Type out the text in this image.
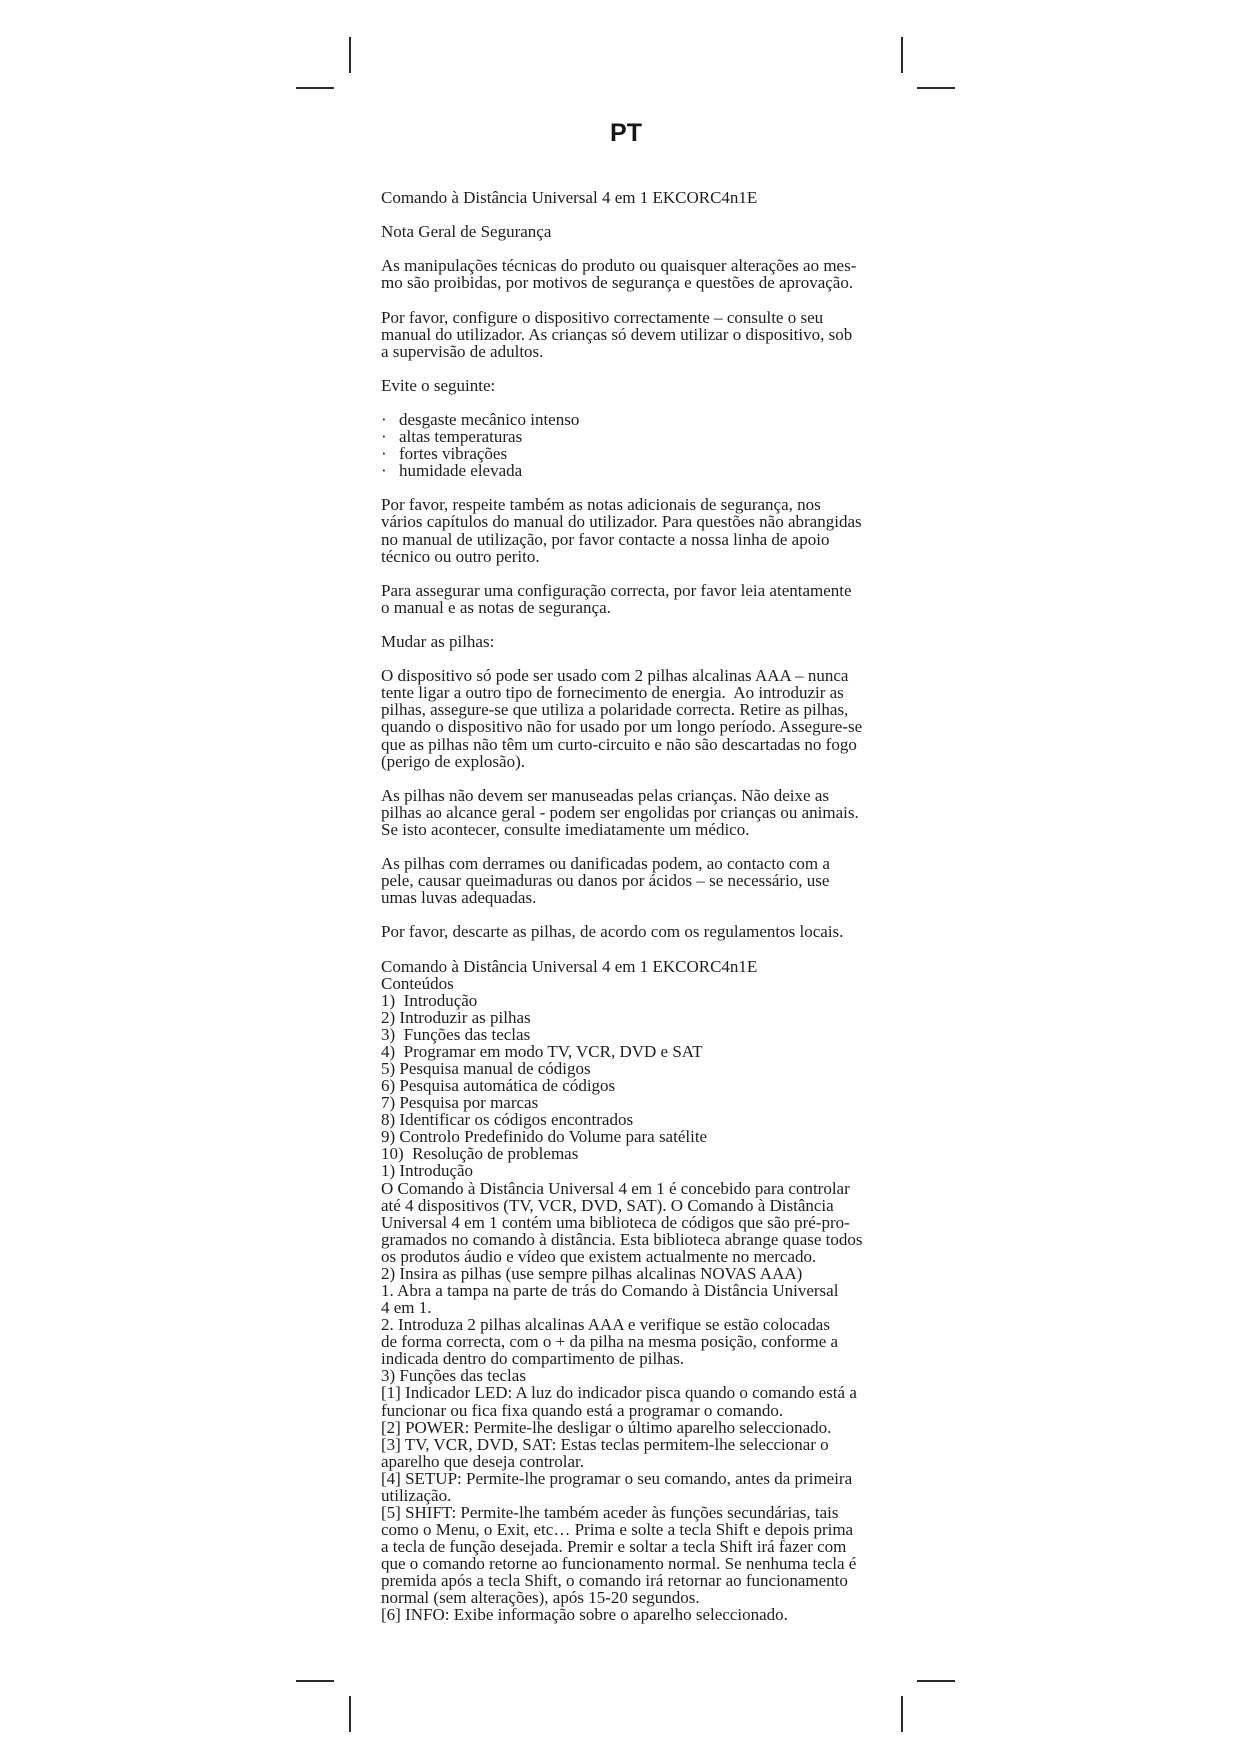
PT
Comando à Distância Universal 4 em 1 EKCORC4n1E
Nota Geral de Segurança
As manipulações técnicas do produto ou quaisquer alterações ao mes-
mo são proibidas, por motivos de segurança e questões de aprovação.
Por favor, configure o dispositivo correctamente – consulte o seu
manual do utilizador. As crianças só devem utilizar o dispositivo, sob
a supervisão de adultos.
Evite o seguinte:
· desgaste mecânico intenso
· altas temperaturas
· fortes vibrações
· humidade elevada
Por favor, respeite também as notas adicionais de segurança, nos
vários capítulos do manual do utilizador. Para questões não abrangidas
no manual de utilização, por favor contacte a nossa linha de apoio
técnico ou outro perito.
Para assegurar uma configuração correcta, por favor leia atentamente
o manual e as notas de segurança.
Mudar as pilhas:
O dispositivo só pode ser usado com 2 pilhas alcalinas AAA – nunca
tente ligar a outro tipo de fornecimento de energia.  Ao introduzir as
pilhas, assegure-se que utiliza a polaridade correcta. Retire as pilhas,
quando o dispositivo não for usado por um longo período. Assegure-se
que as pilhas não têm um curto-circuito e não são descartadas no fogo
(perigo de explosão).
As pilhas não devem ser manuseadas pelas crianças. Não deixe as
pilhas ao alcance geral - podem ser engolidas por crianças ou animais.
Se isto acontecer, consulte imediatamente um médico.
As pilhas com derrames ou danificadas podem, ao contacto com a
pele, causar queimaduras ou danos por ácidos – se necessário, use
umas luvas adequadas.
Por favor, descarte as pilhas, de acordo com os regulamentos locais.
Comando à Distância Universal 4 em 1 EKCORC4n1E
Conteúdos
1)  Introdução
2) Introduzir as pilhas
3)  Funções das teclas
4)  Programar em modo TV, VCR, DVD e SAT
5) Pesquisa manual de códigos
6) Pesquisa automática de códigos
7) Pesquisa por marcas
8) Identificar os códigos encontrados
9) Controlo Predefinido do Volume para satélite
10)  Resolução de problemas
1) Introdução
O Comando à Distância Universal 4 em 1 é concebido para controlar
até 4 dispositivos (TV, VCR, DVD, SAT). O Comando à Distância
Universal 4 em 1 contém uma biblioteca de códigos que são pré-pro-
gramados no comando à distância. Esta biblioteca abrange quase todos
os produtos áudio e vídeo que existem actualmente no mercado.
2) Insira as pilhas (use sempre pilhas alcalinas NOVAS AAA)
1. Abra a tampa na parte de trás do Comando à Distância Universal
4 em 1.
2. Introduza 2 pilhas alcalinas AAA e verifique se estão colocadas
de forma correcta, com o + da pilha na mesma posição, conforme a
indicada dentro do compartimento de pilhas.
3) Funções das teclas
[1] Indicador LED: A luz do indicador pisca quando o comando está a
funcionar ou fica fixa quando está a programar o comando.
[2] POWER: Permite-lhe desligar o último aparelho seleccionado.
[3] TV, VCR, DVD, SAT: Estas teclas permitem-lhe seleccionar o
aparelho que deseja controlar.
[4] SETUP: Permite-lhe programar o seu comando, antes da primeira
utilização.
[5] SHIFT: Permite-lhe também aceder às funções secundárias, tais
como o Menu, o Exit, etc… Prima e solte a tecla Shift e depois prima
a tecla de função desejada. Premir e soltar a tecla Shift irá fazer com
que o comando retorne ao funcionamento normal. Se nenhuma tecla é
premida após a tecla Shift, o comando irá retornar ao funcionamento
normal (sem alterações), após 15-20 segundos.
[6] INFO: Exibe informação sobre o aparelho seleccionado.
